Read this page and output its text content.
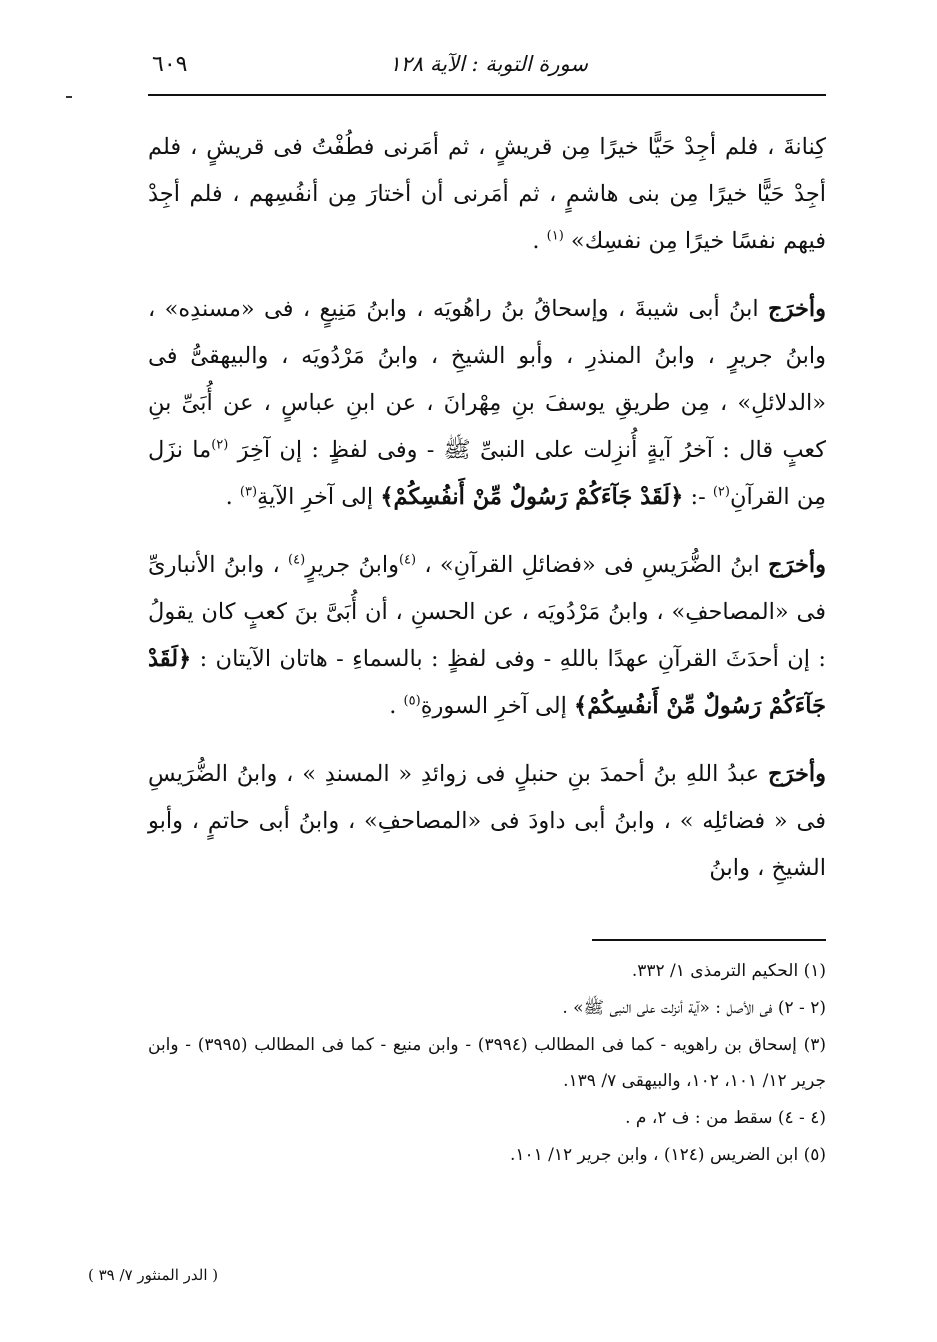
سورة التوبة : الآية ١٢٨
٦٠٩

كِنانةَ ، فلم أجِدْ حَيًّا خيرًا مِن قريشٍ ، ثم أمَرنى فطُفْتُ فى قريشٍ ، فلم أجِدْ حَيًّا خيرًا مِن بنى هاشمٍ ، ثم أمَرنى أن أختارَ مِن أنفُسِهم ، فلم أجِدْ فيهم نفسًا خيرًا مِن نفسِك» $^{(١)}$ .

وأخرَج ابنُ أبى شيبةَ ، وإسحاقُ بنُ راهُويَه ، وابنُ مَنِيعٍ ، فى «مسندِه» ، وابنُ جريرٍ ، وابنُ المنذرِ ، وأبو الشيخِ ، وابنُ مَرْدُويَه ، والبيهقىُّ فى «الدلائلِ» ، مِن طريقِ يوسفَ بنِ مِهْرانَ ، عن ابنِ عباسٍ ، عن أُبَىِّ بنِ كعبٍ قال : آخرُ آيةٍ أُنزِلت على النبىِّ ﷺ - وفى لفظٍ : إن آخِرَ $^{(٢)}$ما نزَل مِن القرآنِ$^{(٢)}$ -: ﴿لَقَدْ جَآءَكُمْ رَسُولٌ مِّنْ أَنفُسِكُمْ﴾ إلى آخرِ الآيةِ$^{(٣)}$ .

وأخرَج ابنُ الضُّرَيسِ فى «فضائلِ القرآنِ» ، $^{(٤)}$وابنُ جريرٍ$^{(٤)}$ ، وابنُ الأنبارىِّ فى «المصاحفِ» ، وابنُ مَرْدُويَه ، عن الحسنِ ، أن أُبَىَّ بنَ كعبٍ كان يقولُ : إن أحدَثَ القرآنِ عهدًا باللهِ - وفى لفظٍ : بالسماءِ - هاتان الآيتان : ﴿لَقَدْ جَآءَكُمْ رَسُولٌ مِّنْ أَنفُسِكُمْ﴾ إلى آخرِ السورةِ$^{(٥)}$ .

وأخرَج عبدُ اللهِ بنُ أحمدَ بنِ حنبلٍ فى زوائدِ « المسندِ » ، وابنُ الضُّرَيسِ فى « فضائلِه » ، وابنُ أبى داودَ فى «المصاحفِ» ، وابنُ أبى حاتمٍ ، وأبو الشيخِ ، وابنُ

(١) الحكيم الترمذى ١/ ٣٣٢.
(٢ - ٢) فى الأصل : «آية أنزلت على النبى ﷺ» .
(٣) إسحاق بن راهويه - كما فى المطالب (٣٩٩٤) - وابن منيع - كما فى المطالب (٣٩٩٥) - وابن جرير ١٢/ ١٠١، ١٠٢، والبيهقى ٧/ ١٣٩.
(٤ - ٤) سقط من : ف ٢، م .
(٥) ابن الضريس (١٢٤) ، وابن جرير ١٢/ ١٠١.
( الدر المنثور ٧/ ٣٩ )
